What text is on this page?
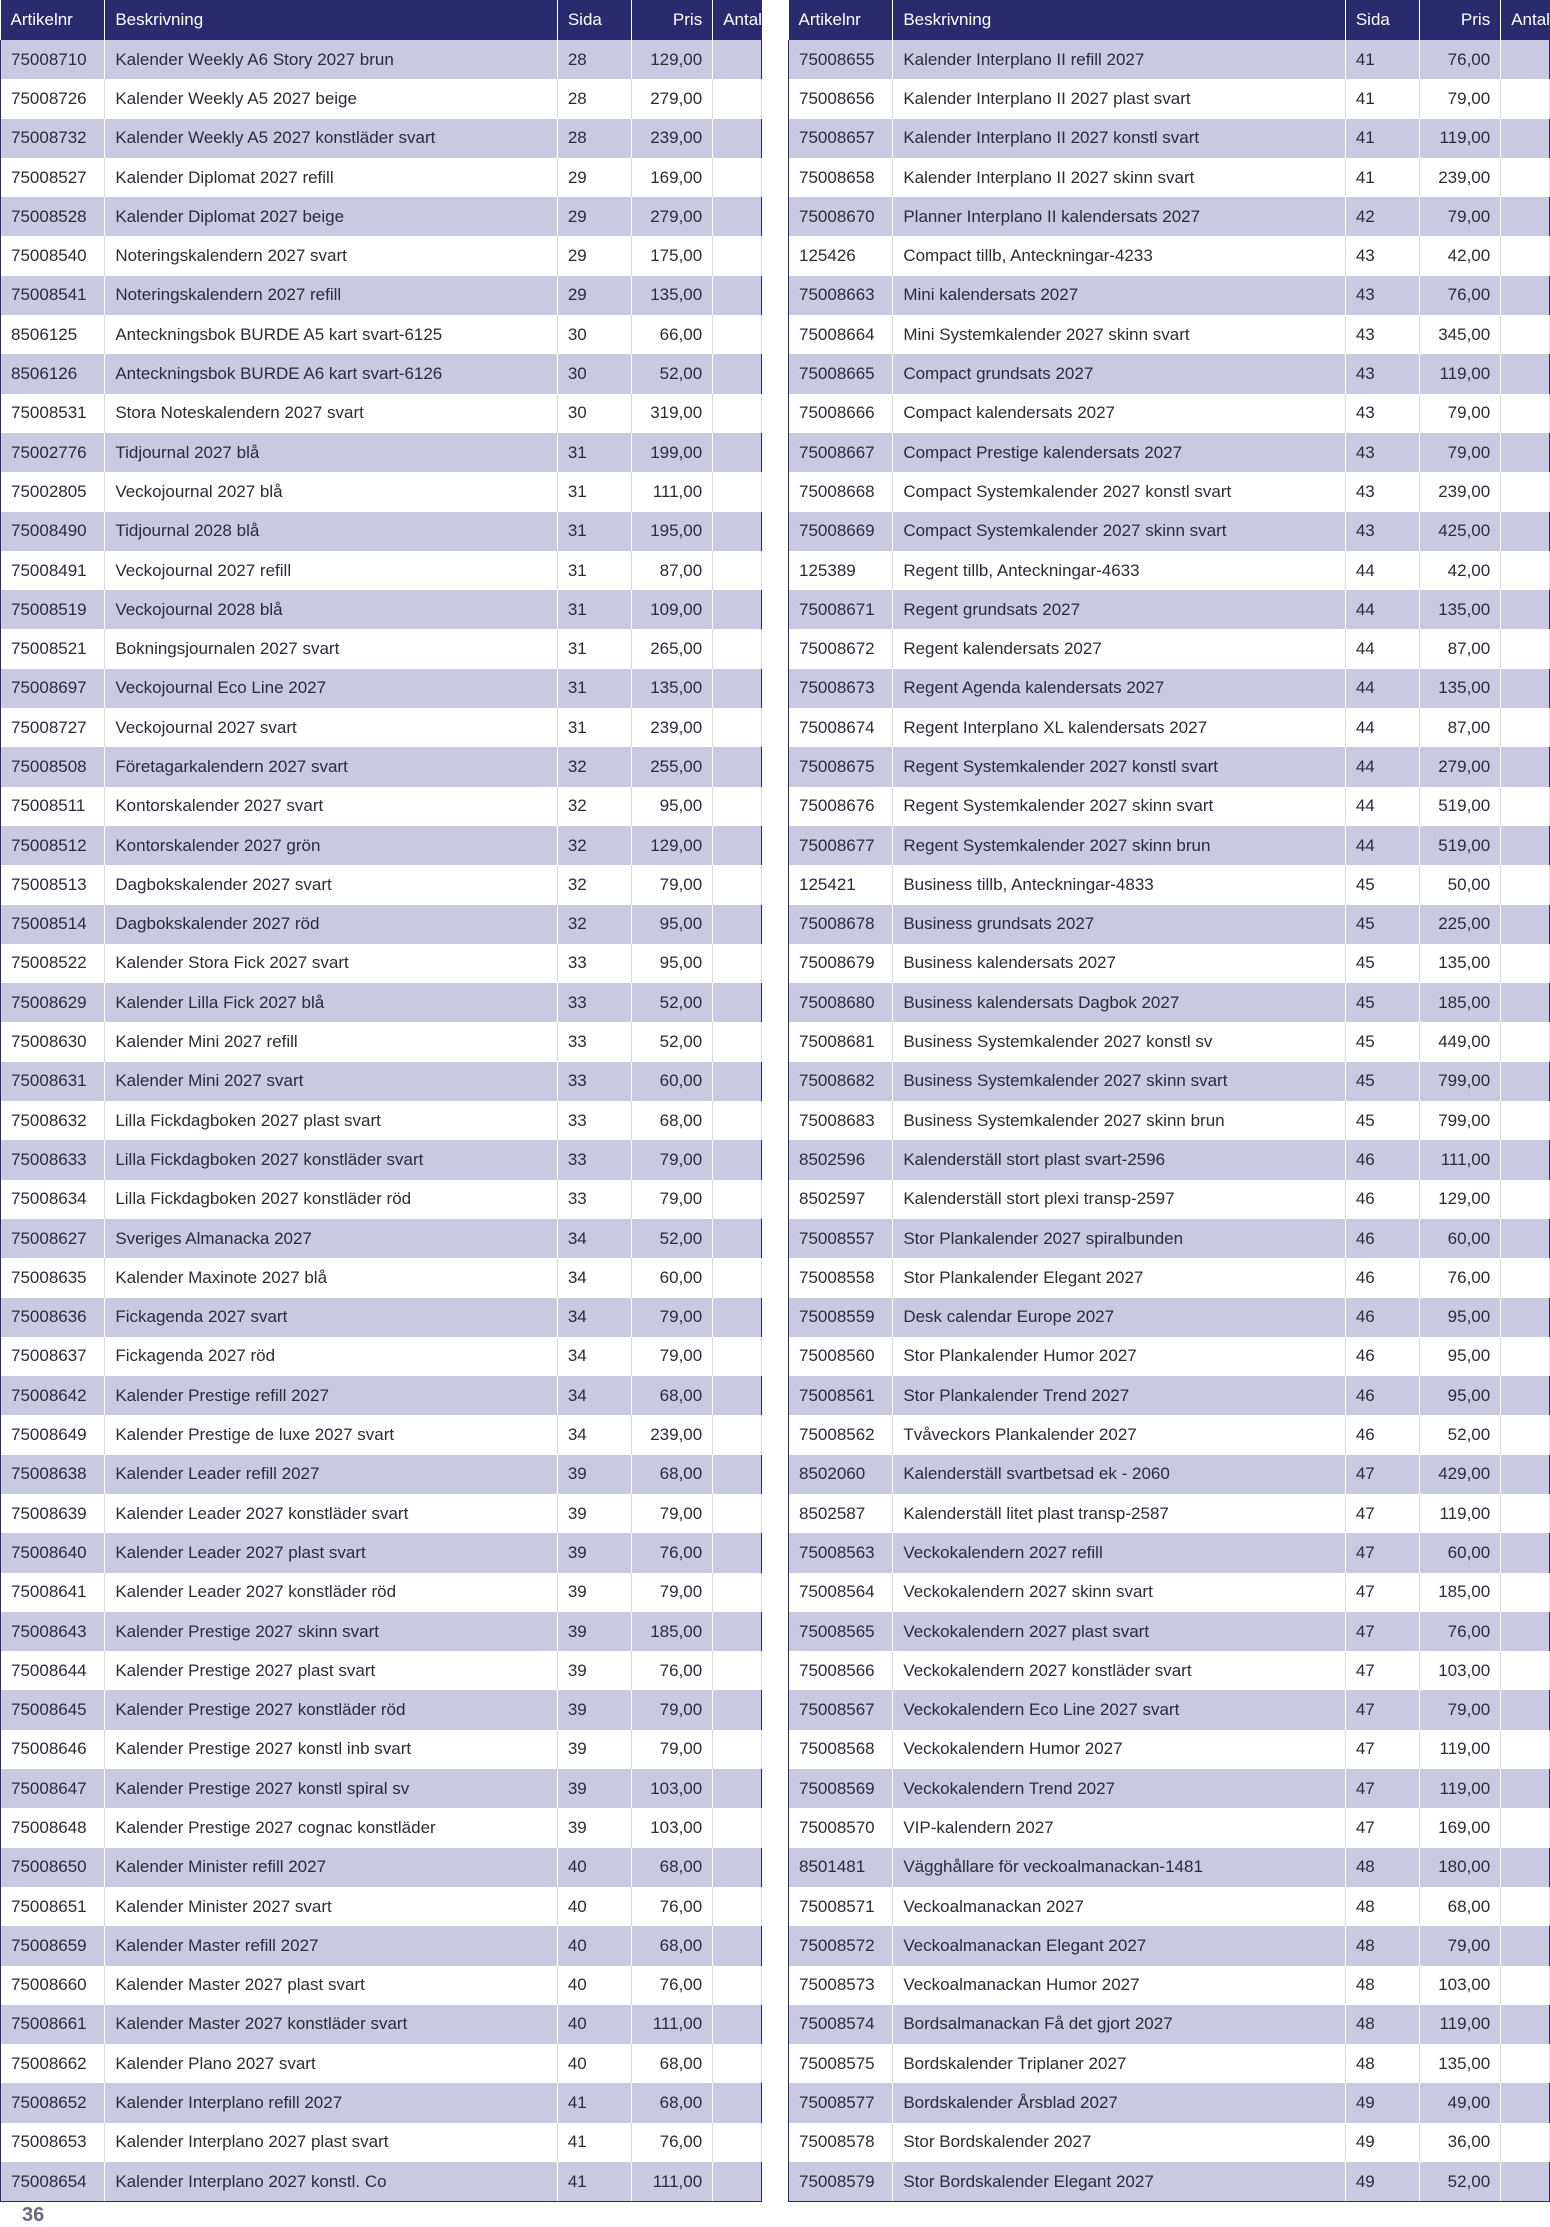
Artikelnr	Beskrivning	Sida	Pris	Antal
75008710	Kalender Weekly A6 Story 2027 brun	28	129,00	
75008726	Kalender Weekly A5 2027 beige	28	279,00	
75008732	Kalender Weekly A5 2027 konstläder svart	28	239,00	
75008527	Kalender Diplomat 2027 refill	29	169,00	
75008528	Kalender Diplomat 2027 beige	29	279,00	
75008540	Noteringskalendern 2027 svart	29	175,00	
75008541	Noteringskalendern 2027 refill	29	135,00	
8506125	Anteckningsbok BURDE A5 kart svart-6125	30	66,00	
8506126	Anteckningsbok BURDE A6 kart svart-6126	30	52,00	
75008531	Stora Noteskalendern 2027 svart	30	319,00	
75002776	Tidjournal 2027 blå	31	199,00	
75002805	Veckojournal 2027 blå	31	111,00	
75008490	Tidjournal 2028 blå	31	195,00	
75008491	Veckojournal 2027 refill	31	87,00	
75008519	Veckojournal 2028 blå	31	109,00	
75008521	Bokningsjournalen 2027 svart	31	265,00	
75008697	Veckojournal Eco Line 2027	31	135,00	
75008727	Veckojournal 2027 svart	31	239,00	
75008508	Företagarkalendern 2027 svart	32	255,00	
75008511	Kontorskalender 2027 svart	32	95,00	
75008512	Kontorskalender 2027 grön	32	129,00	
75008513	Dagbokskalender 2027 svart	32	79,00	
75008514	Dagbokskalender 2027 röd	32	95,00	
75008522	Kalender Stora Fick 2027 svart	33	95,00	
75008629	Kalender Lilla Fick 2027 blå	33	52,00	
75008630	Kalender Mini 2027 refill	33	52,00	
75008631	Kalender Mini 2027 svart	33	60,00	
75008632	Lilla Fickdagboken 2027 plast svart	33	68,00	
75008633	Lilla Fickdagboken 2027 konstläder svart	33	79,00	
75008634	Lilla Fickdagboken 2027 konstläder röd	33	79,00	
75008627	Sveriges Almanacka 2027	34	52,00	
75008635	Kalender Maxinote 2027 blå	34	60,00	
75008636	Fickagenda 2027 svart	34	79,00	
75008637	Fickagenda 2027 röd	34	79,00	
75008642	Kalender Prestige refill 2027	34	68,00	
75008649	Kalender Prestige de luxe 2027 svart	34	239,00	
75008638	Kalender Leader refill 2027	39	68,00	
75008639	Kalender Leader 2027 konstläder svart	39	79,00	
75008640	Kalender Leader 2027 plast svart	39	76,00	
75008641	Kalender Leader 2027 konstläder röd	39	79,00	
75008643	Kalender Prestige 2027 skinn svart	39	185,00	
75008644	Kalender Prestige 2027 plast svart	39	76,00	
75008645	Kalender Prestige 2027 konstläder röd	39	79,00	
75008646	Kalender Prestige 2027 konstl inb svart	39	79,00	
75008647	Kalender Prestige 2027 konstl spiral sv	39	103,00	
75008648	Kalender Prestige 2027 cognac konstläder	39	103,00	
75008650	Kalender Minister refill 2027	40	68,00	
75008651	Kalender Minister 2027 svart	40	76,00	
75008659	Kalender Master refill 2027	40	68,00	
75008660	Kalender Master 2027 plast svart	40	76,00	
75008661	Kalender Master 2027 konstläder svart	40	111,00	
75008662	Kalender Plano 2027 svart	40	68,00	
75008652	Kalender Interplano refill 2027	41	68,00	
75008653	Kalender Interplano 2027 plast svart	41	76,00	
75008654	Kalender Interplano 2027 konstl. Co	41	111,00	
Artikelnr	Beskrivning	Sida	Pris	Antal
75008655	Kalender Interplano II refill 2027	41	76,00	
75008656	Kalender Interplano II 2027 plast svart	41	79,00	
75008657	Kalender Interplano II 2027 konstl svart	41	119,00	
75008658	Kalender Interplano II 2027 skinn svart	41	239,00	
75008670	Planner Interplano II kalendersats 2027	42	79,00	
125426	Compact tillb, Anteckningar-4233	43	42,00	
75008663	Mini kalendersats 2027	43	76,00	
75008664	Mini Systemkalender 2027 skinn svart	43	345,00	
75008665	Compact grundsats 2027	43	119,00	
75008666	Compact kalendersats 2027	43	79,00	
75008667	Compact Prestige kalendersats 2027	43	79,00	
75008668	Compact Systemkalender 2027 konstl svart	43	239,00	
75008669	Compact Systemkalender 2027 skinn svart	43	425,00	
125389	Regent tillb, Anteckningar-4633	44	42,00	
75008671	Regent grundsats 2027	44	135,00	
75008672	Regent kalendersats 2027	44	87,00	
75008673	Regent Agenda kalendersats 2027	44	135,00	
75008674	Regent Interplano XL kalendersats 2027	44	87,00	
75008675	Regent Systemkalender 2027 konstl svart	44	279,00	
75008676	Regent Systemkalender 2027 skinn svart	44	519,00	
75008677	Regent Systemkalender 2027 skinn brun	44	519,00	
125421	Business tillb, Anteckningar-4833	45	50,00	
75008678	Business grundsats 2027	45	225,00	
75008679	Business kalendersats 2027	45	135,00	
75008680	Business kalendersats Dagbok 2027	45	185,00	
75008681	Business Systemkalender 2027 konstl sv	45	449,00	
75008682	Business Systemkalender 2027 skinn svart	45	799,00	
75008683	Business Systemkalender 2027 skinn brun	45	799,00	
8502596	Kalenderställ stort plast svart-2596	46	111,00	
8502597	Kalenderställ stort plexi transp-2597	46	129,00	
75008557	Stor Plankalender 2027 spiralbunden	46	60,00	
75008558	Stor Plankalender Elegant 2027	46	76,00	
75008559	Desk calendar Europe 2027	46	95,00	
75008560	Stor Plankalender Humor 2027	46	95,00	
75008561	Stor Plankalender Trend 2027	46	95,00	
75008562	Tvåveckors Plankalender 2027	46	52,00	
8502060	Kalenderställ svartbetsad ek - 2060	47	429,00	
8502587	Kalenderställ litet plast transp-2587	47	119,00	
75008563	Veckokalendern 2027 refill	47	60,00	
75008564	Veckokalendern 2027 skinn svart	47	185,00	
75008565	Veckokalendern 2027 plast svart	47	76,00	
75008566	Veckokalendern 2027 konstläder svart	47	103,00	
75008567	Veckokalendern Eco Line 2027 svart	47	79,00	
75008568	Veckokalendern Humor 2027	47	119,00	
75008569	Veckokalendern Trend 2027	47	119,00	
75008570	VIP-kalendern 2027	47	169,00	
8501481	Vägghållare för veckoalmanackan-1481	48	180,00	
75008571	Veckoalmanackan 2027	48	68,00	
75008572	Veckoalmanackan Elegant 2027	48	79,00	
75008573	Veckoalmanackan Humor 2027	48	103,00	
75008574	Bordsalmanackan Få det gjort 2027	48	119,00	
75008575	Bordskalender Triplaner 2027	48	135,00	
75008577	Bordskalender Årsblad 2027	49	49,00	
75008578	Stor Bordskalender 2027	49	36,00	
75008579	Stor Bordskalender Elegant 2027	49	52,00	
36
